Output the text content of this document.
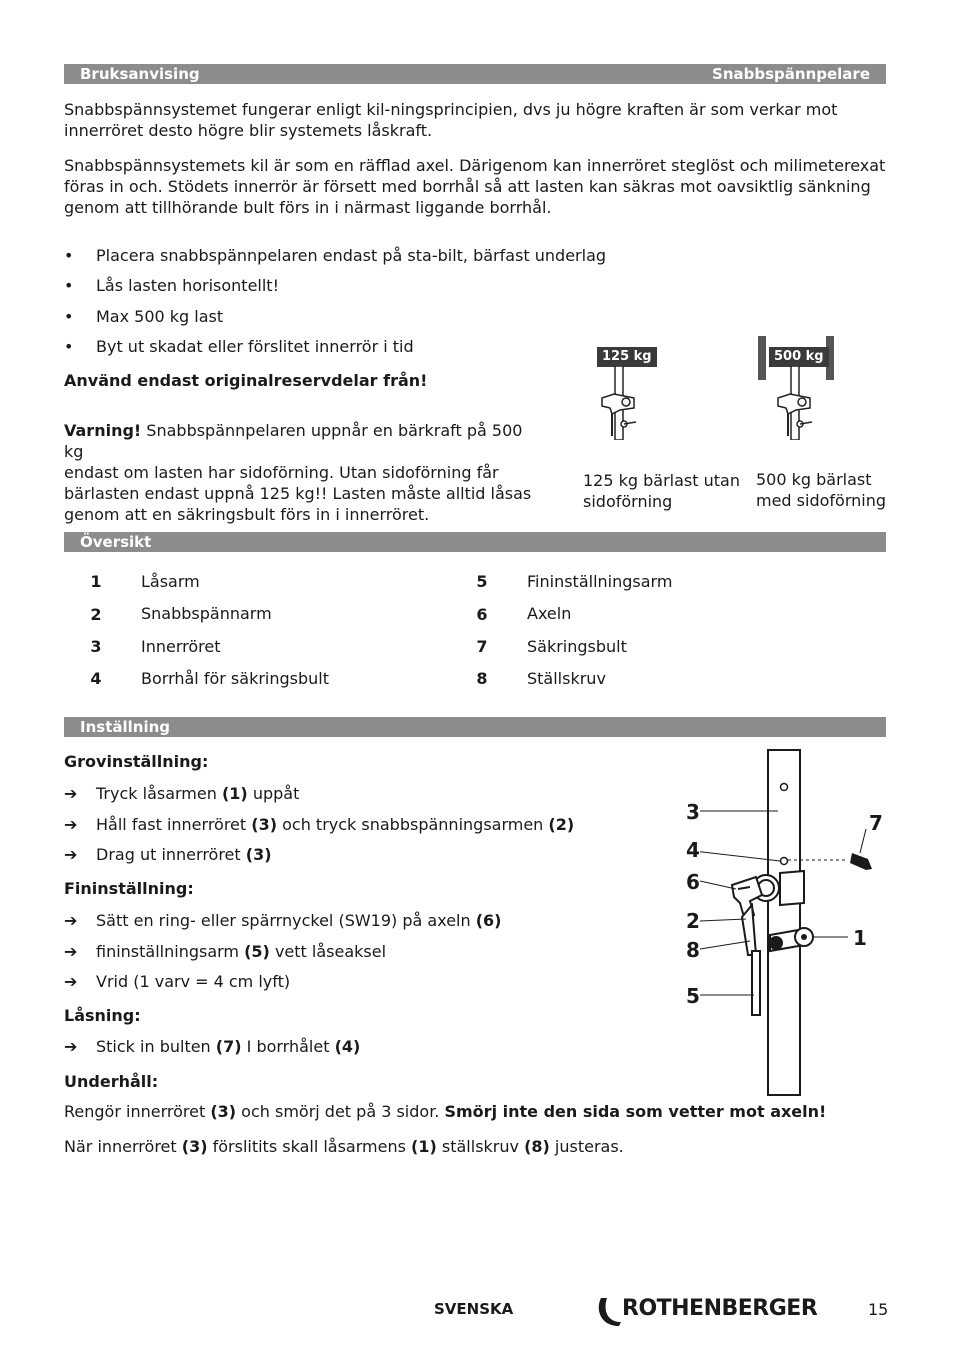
Bruksanvising	Snabbspännpelare
Snabbspännsystemet fungerar enligt kil-ningsprincipien, dvs ju högre kraften är som verkar mot innerröret desto högre blir systemets låskraft.
Snabbspännsystemets kil är som en räfflad axel. Därigenom kan innerröret steglöst och milimeterexat föras in och. Stödets innerrör är försett med borrhål så att lasten kan säkras mot oavsiktlig sänkning genom att tillhörande bult förs in i närmast liggande borrhål.
• Placera snabbspännpelaren endast på sta-bilt, bärfast underlag
• Lås lasten horisontellt!
• Max 500 kg last
• Byt ut skadat eller förslitet innerrör i tid
Använd endast originalreservdelar från!
Varning! Snabbspännpelaren uppnår en bärkraft på 500 kg
endast om lasten har sidoförning. Utan sidoförning får
bärlasten endast uppnå 125 kg!! Lasten måste alltid låsas
genom att en säkringsbult förs in i innerröret.
125 kg
125 kg bärlast utan
sidoförning
500 kg
500 kg bärlast
med sidoförning
Översikt
1 Låsarm
2 Snabbspännarm
3 Innerröret
4 Borrhål för säkringsbult
5 Fininställningsarm
6 Axeln
7 Säkringsbult
8 Ställskruv
Inställning
Grovinställning:
➔ Tryck låsarmen (1) uppåt
➔ Håll fast innerröret (3) och tryck snabbspänningsarmen (2)
➔ Drag ut innerröret (3)
Fininställning:
➔ Sätt en ring- eller spärrnyckel (SW19) på axeln (6)
➔ fininställningsarm (5) vett låseaksel
➔ Vrid (1 varv = 4 cm lyft)
Låsning:
➔ Stick in bulten (7) I borrhålet (4)
Underhåll:
Rengör innerröret (3) och smörj det på 3 sidor. Smörj inte den sida som vetter mot axeln!
När innerröret (3) förslitits skall låsarmens (1) ställskruv (8) justeras.
3
4
6
2
8
5
7
1
SVENSKA	ROTHENBERGER	15
